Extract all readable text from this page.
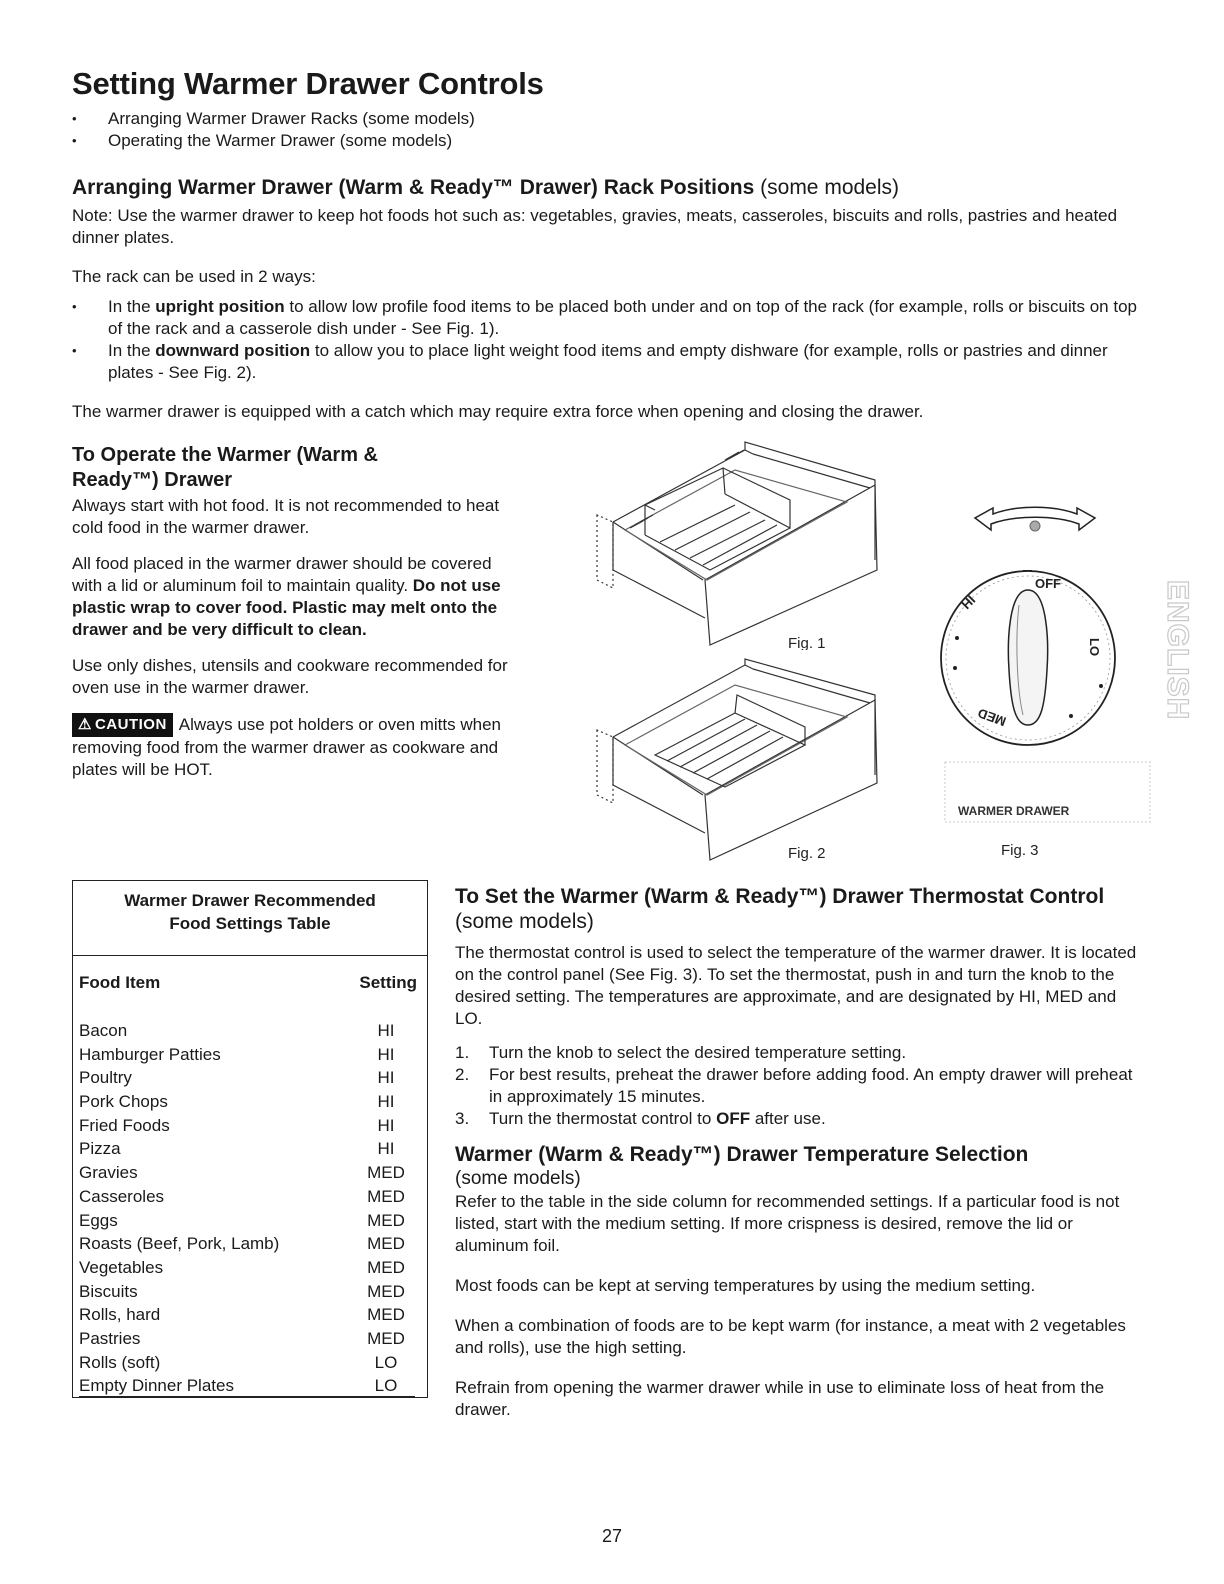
Setting Warmer Drawer Controls
• Arranging Warmer Drawer Racks (some models)
• Operating the Warmer Drawer (some models)
Arranging Warmer Drawer (Warm & Ready™ Drawer) Rack Positions (some models)

Note: Use the warmer drawer to keep hot foods hot such as: vegetables, gravies, meats, casseroles, biscuits and rolls, pastries and heated dinner plates.

The rack can be used in 2 ways:

• In the upright position to allow low profile food items to be placed both under and on top of the rack (for example, rolls or biscuits on top of the rack and a casserole dish under - See Fig. 1).
• In the downward position to allow you to place light weight food items and empty dishware (for example, rolls or pastries and dinner plates - See Fig. 2).

The warmer drawer is equipped with a catch which may require extra force when opening and closing the drawer.

To Operate the Warmer (Warm &

Ready™) Drawer

Always start with hot food. It is not recommended to heat cold food in the warmer drawer.

All food placed in the warmer drawer should be covered with a lid or aluminum foil to maintain quality. Do not use plastic wrap to cover food. Plastic may melt onto the drawer and be very difficult to clean.

Use only dishes, utensils and cookware recommended for oven use in the warmer drawer.

⚠ CAUTION Always use pot holders or oven mitts when removing food from the warmer drawer as cookware and plates will be HOT.

Fig. 1
Fig. 2
OFF
HI
LO
MED
WARMER DRAWER
Fig. 3
ENGLISH
Warmer Drawer Recommended
Food Settings Table
Food Item	Setting
Bacon	HI
Hamburger Patties	HI
Poultry	HI
Pork Chops	HI
Fried Foods	HI
Pizza	HI
Gravies	MED
Casseroles	MED
Eggs	MED
Roasts (Beef, Pork, Lamb)	MED
Vegetables	MED
Biscuits	MED
Rolls, hard	MED
Pastries	MED
Rolls (soft)	LO
Empty Dinner Plates	LO

To Set the Warmer (Warm & Ready™) Drawer Thermostat Control (some models)

The thermostat control is used to select the temperature of the warmer drawer. It is located on the control panel (See Fig. 3). To set the thermostat, push in and turn the knob to the desired setting. The temperatures are approximate, and are designated by HI, MED and LO.

1. Turn the knob to select the desired temperature setting.
2. For best results, preheat the drawer before adding food. An empty drawer will preheat in approximately 15 minutes.
3. Turn the thermostat control to OFF after use.

Warmer (Warm & Ready™) Drawer Temperature Selection

(some models)

Refer to the table in the side column for recommended settings. If a particular food is not listed, start with the medium setting. If more crispness is desired, remove the lid or aluminum foil.

Most foods can be kept at serving temperatures by using the medium setting.

When a combination of foods are to be kept warm (for instance, a meat with 2 vegetables and rolls), use the high setting.

Refrain from opening the warmer drawer while in use to eliminate loss of heat from the drawer.

27
